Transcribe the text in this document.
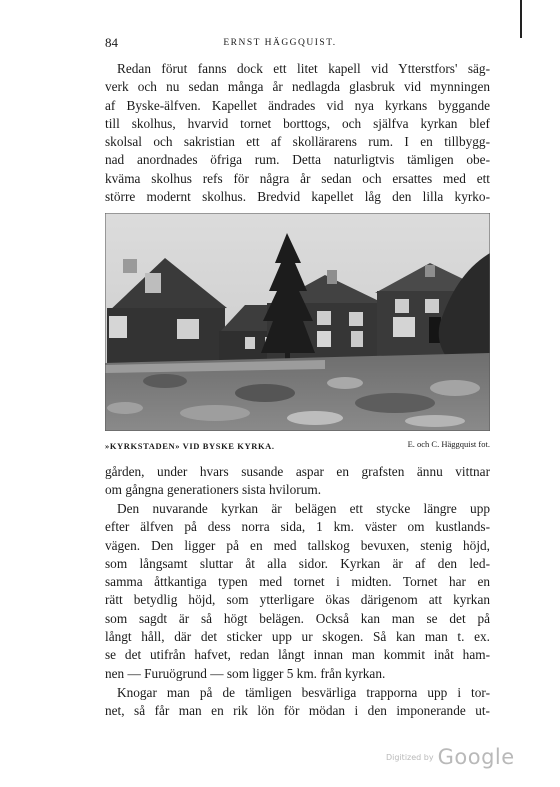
84	ERNST HÄGGQUIST.
Redan förut fanns dock ett litet kapell vid Ytterstfors' säg-
verk och nu sedan många år nedlagda glasbruk vid mynningen
af Byske-älfven. Kapellet ändrades vid nya kyrkans byggande
till skolhus, hvarvid tornet borttogs, och själfva kyrkan blef
skolsal och sakristian ett af skollärarens rum. I en tillbygg-
nad anordnades öfriga rum. Detta naturligtvis tämligen obe-
kväma skolhus refs för några år sedan och ersattes med ett
större modernt skolhus. Bredvid kapellet låg den lilla kyrko-
»KYRKSTADEN» VID BYSKE KYRKA.	E. och C. Häggquist fot.
gården, under hvars susande aspar en grafsten ännu vittnar
om gångna generationers sista hvilorum.
Den nuvarande kyrkan är belägen ett stycke längre upp
efter älfven på dess norra sida, 1 km. väster om kustlands-
vägen. Den ligger på en med tallskog bevuxen, stenig höjd,
som långsamt sluttar åt alla sidor. Kyrkan är af den led-
samma åttkantiga typen med tornet i midten. Tornet har en
rätt betydlig höjd, som ytterligare ökas därigenom att kyrkan
som sagdt är så högt belägen. Också kan man se det på
långt håll, där det sticker upp ur skogen. Så kan man t. ex.
se det utifrån hafvet, redan långt innan man kommit inåt ham-
nen — Furuögrund — som ligger 5 km. från kyrkan.
Knogar man på de tämligen besvärliga trapporna upp i tor-
net, så får man en rik lön för mödan i den imponerande ut-
$^{Digitized by}$ Google
